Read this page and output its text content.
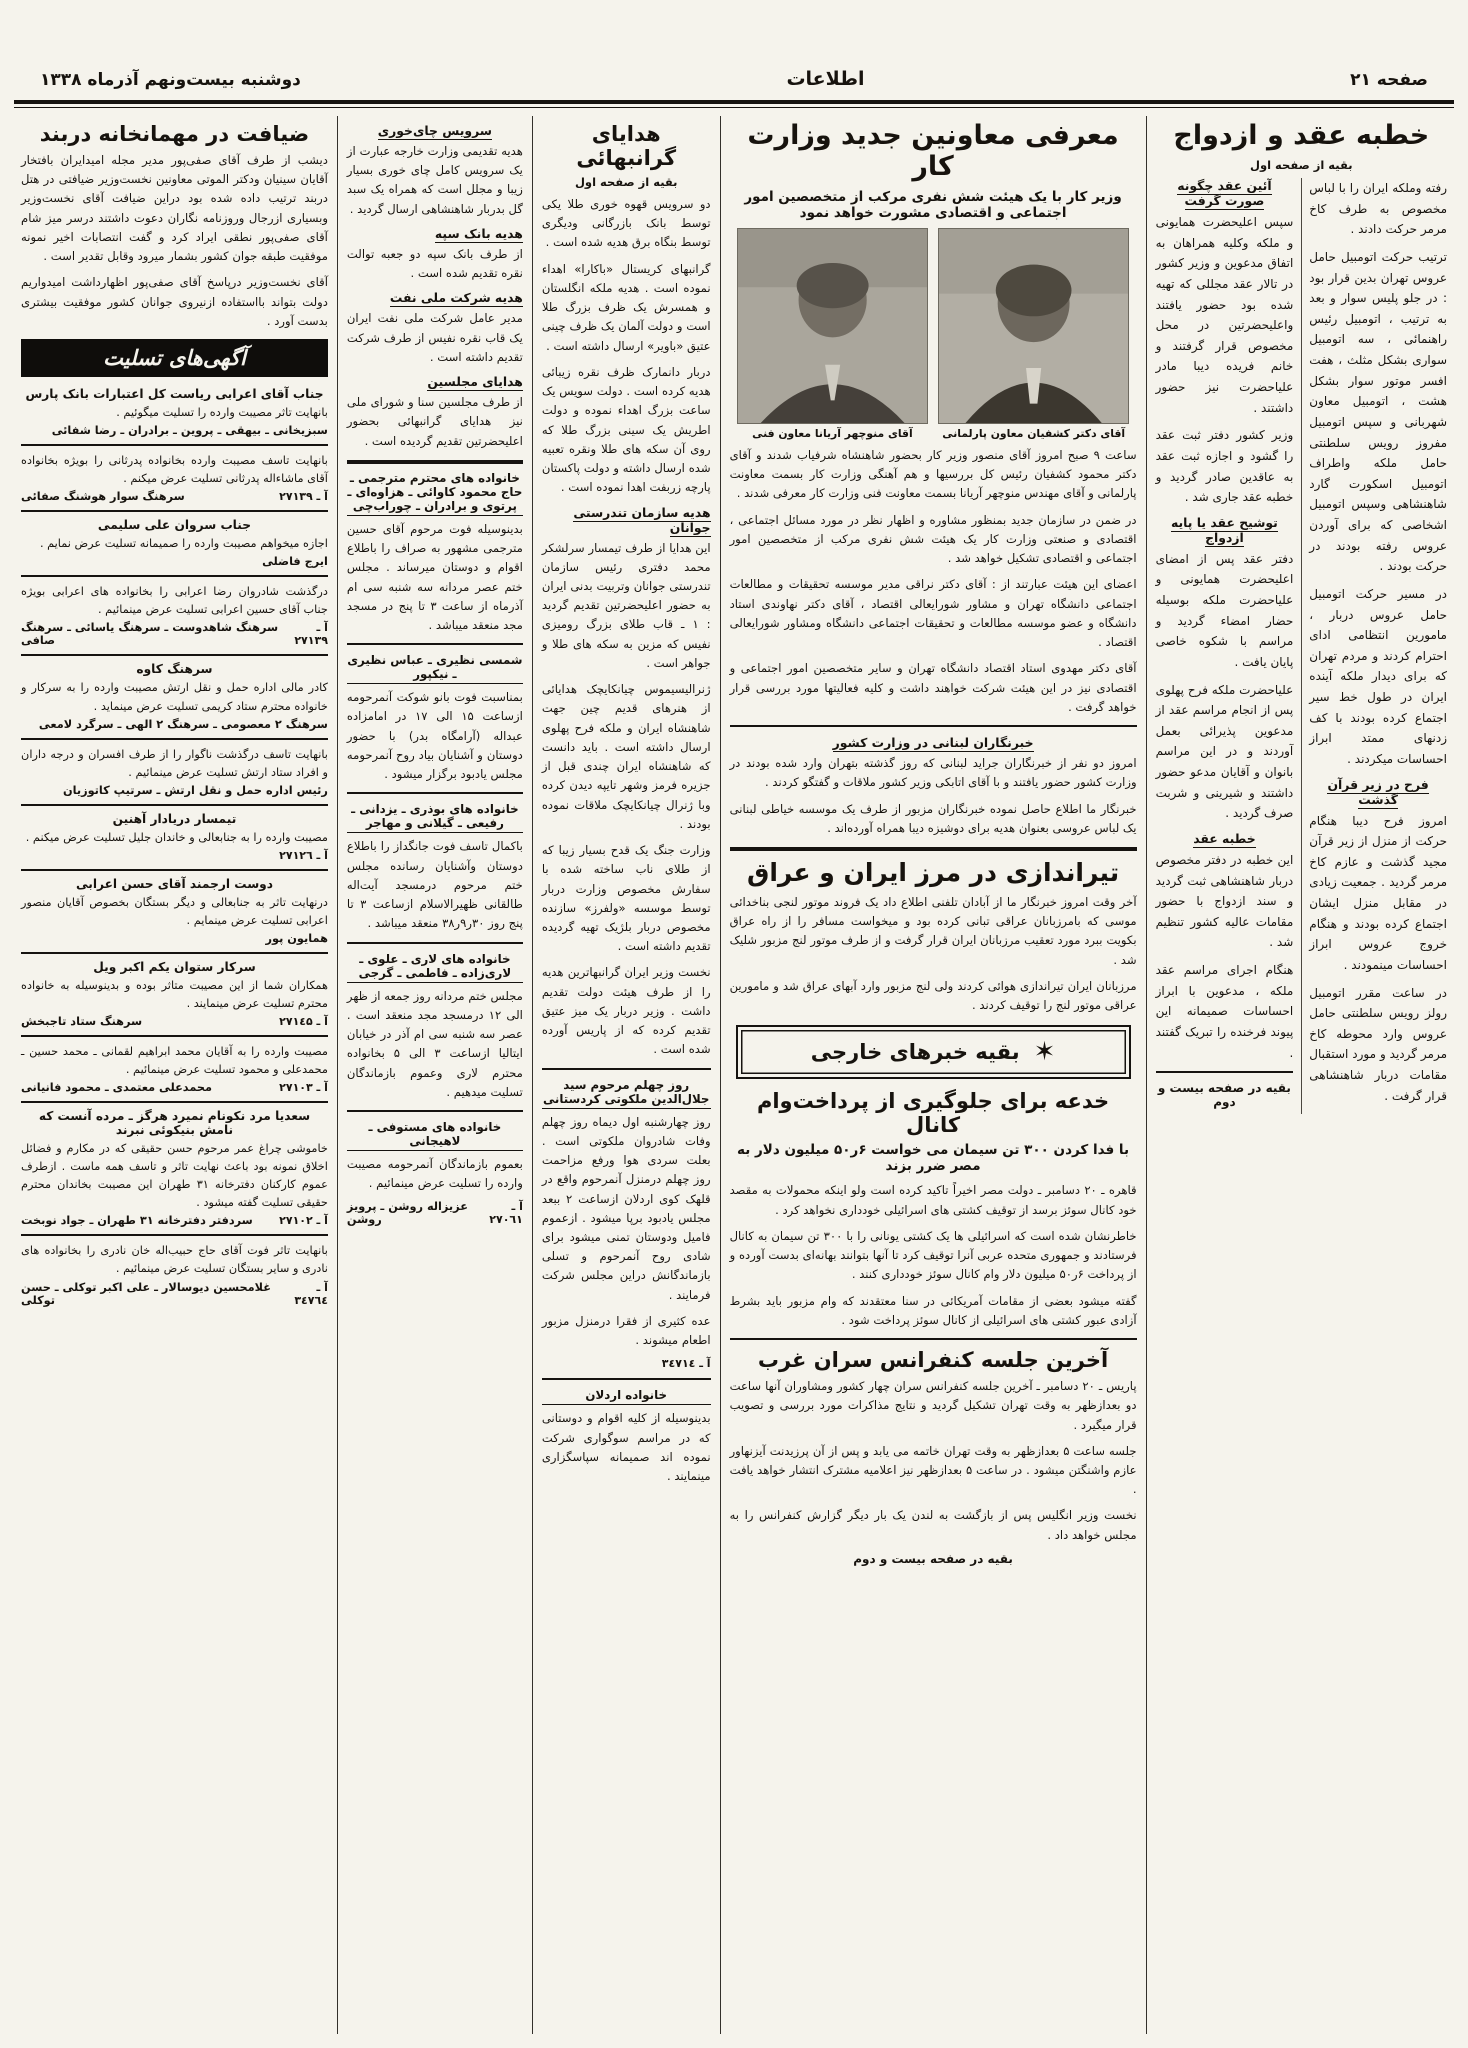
صفحه ۲۱
اطلاعات
دوشنبه بیست‌ونهم آذرماه ۱۳۳۸
خطبه عقد و ازدواج
بقیه از صفحه اول

رفته وملکه ایران را با لباس مخصوص به طرف کاخ مرمر حرکت دادند .

ترتیب حرکت اتومبیل حامل عروس تهران بدین قرار بود : در جلو پلیس سوار و بعد به ترتیب ، اتومبیل رئیس راهنمائی ، سه اتومبیل سواری بشکل مثلث ، هفت افسر موتور سوار بشکل هشت ، اتومبیل معاون شهربانی و سپس اتومبیل مفروز رویس سلطنتی حامل ملکه واطراف اتومبیل اسکورت گارد شاهنشاهی وسپس اتومبیل اشخاصی که برای آوردن عروس رفته بودند در حرکت بودند .

در مسیر حرکت اتومبیل حامل عروس دربار ، مامورین انتظامی ادای احترام کردند و مردم تهران که برای دیدار ملکه آینده ایران در طول خط سیر اجتماع کرده بودند با کف زدنهای ممتد ابراز احساسات میکردند .

فرح در زیر قرآن گذشت

امروز فرح دیبا هنگام حرکت از منزل از زیر قرآن مجید گذشت و عازم کاخ مرمر گردید . جمعیت زیادی در مقابل منزل ایشان اجتماع کرده بودند و هنگام خروج عروس ابراز احساسات مینمودند .

در ساعت مقرر اتومبیل رولز رویس سلطنتی حامل عروس وارد محوطه کاخ مرمر گردید و مورد استقبال مقامات دربار شاهنشاهی قرار گرفت .

آئین عقد چگونه صورت گرفت

سپس اعلیحضرت همایونی و ملکه وکلیه همراهان به اتفاق مدعوین و وزیر کشور در تالار عقد مجللی که تهیه شده بود حضور یافتند واعلیحضرتین در محل مخصوص قرار گرفتند و خانم فریده دیبا مادر علیاحضرت نیز حضور داشتند .

وزیر کشور دفتر ثبت عقد را گشود و اجازه ثبت عقد به عاقدین صادر گردید و خطبه عقد جاری شد .

توشیح عقد یا پایه ازدواج

دفتر عقد پس از امضای اعلیحضرت همایونی و علیاحضرت ملکه بوسیله حضار امضاء گردید و مراسم با شکوه خاصی پایان یافت .

علیاحضرت ملکه فرح پهلوی پس از انجام مراسم عقد از مدعوین پذیرائی بعمل آوردند و در این مراسم بانوان و آقایان مدعو حضور داشتند و شیرینی و شربت صرف گردید .

خطبه عقد

این خطبه در دفتر مخصوص دربار شاهنشاهی ثبت گردید و سند ازدواج با حضور مقامات عالیه کشور تنظیم شد .

هنگام اجرای مراسم عقد ملکه ، مدعوین با ابراز احساسات صمیمانه این پیوند فرخنده را تبریک گفتند .

بقیه در صفحه بیست و دوم
معرفی معاونین جدید وزارت کار
وزیر کار با یک هیئت شش نفری مرکب از متخصصین امور اجتماعی و اقتصادی مشورت خواهد نمود
آقای دکتر کشفیان معاون پارلمانی
آقای منوچهر آریانا معاون فنی

ساعت ۹ صبح امروز آقای منصور وزیر کار بحضور شاهنشاه شرفیاب شدند و آقای دکتر محمود کشفیان رئیس کل بررسیها و هم آهنگی وزارت کار بسمت معاونت پارلمانی و آقای مهندس منوچهر آریانا بسمت معاونت فنی وزارت کار معرفی شدند .

در ضمن در سازمان جدید بمنظور مشاوره و اظهار نظر در مورد مسائل اجتماعی ، اقتصادی و صنعتی وزارت کار یک هیئت شش نفری مرکب از متخصصین امور اجتماعی و اقتصادی تشکیل خواهد شد .

اعضای این هیئت عبارتند از : آقای دکتر نراقی مدیر موسسه تحقیقات و مطالعات اجتماعی دانشگاه تهران و مشاور شورایعالی اقتصاد ، آقای دکتر نهاوندی استاد دانشگاه و عضو موسسه مطالعات و تحقیقات اجتماعی دانشگاه ومشاور شورایعالی اقتصاد .

آقای دکتر مهدوی استاد اقتصاد دانشگاه تهران و سایر متخصصین امور اجتماعی و اقتصادی نیز در این هیئت شرکت خواهند داشت و کلیه فعالیتها مورد بررسی قرار خواهد گرفت .

خبرنگاران لبنانی در وزارت کشور

امروز دو نفر از خبرنگاران جراید لبنانی که روز گذشته بتهران وارد شده بودند در وزارت کشور حضور یافتند و با آقای اتابکی وزیر کشور ملاقات و گفتگو کردند .

خبرنگار ما اطلاع حاصل نموده خبرنگاران مزبور از طرف یک موسسه خیاطی لبنانی یک لباس عروسی بعنوان هدیه برای دوشیزه دیبا همراه آورده‌اند .

تیراندازی در مرز ایران و عراق

آخر وقت امروز خبرنگار ما از آبادان تلفنی اطلاع داد یک فروند موتور لنجی بناخدائی موسی که بامرزبانان عراقی تبانی کرده بود و میخواست مسافر را از راه عراق بکویت ببرد مورد تعقیب مرزبانان ایران قرار گرفت و از طرف موتور لنج مزبور شلیک شد .

مرزبانان ایران تیراندازی هوائی کردند ولی لنج مزبور وارد آبهای عراق شد و مامورین عراقی موتور لنج را توقیف کردند .

✶
بقیه خبرهای خارجی
خدعه برای جلوگیری از پرداخت‌وام کانال
با فدا کردن ۳۰۰ تن سیمان می خواست ۶ر۵۰ میلیون دلار به مصر ضرر بزند

قاهره ـ ۲۰ دسامبر ـ دولت مصر اخیراً تاکید کرده است ولو اینکه محمولات به مقصد خود کانال سوئز برسد از توقیف کشتی های اسرائیلی خودداری نخواهد کرد .

خاطرنشان شده است که اسرائیلی ها یک کشتی یونانی را با ۳۰۰ تن سیمان به کانال فرستادند و جمهوری متحده عربی آنرا توقیف کرد تا آنها بتوانند بهانه‌ای بدست آورده و از پرداخت ۶ر۵۰ میلیون دلار وام کانال سوئز خودداری کنند .

گفته میشود بعضی از مقامات آمریکائی در سنا معتقدند که وام مزبور باید بشرط آزادی عبور کشتی های اسرائیلی از کانال سوئز پرداخت شود .

آخرین جلسه کنفرانس سران غرب

پاریس ـ ۲۰ دسامبر ـ آخرین جلسه کنفرانس سران چهار کشور ومشاوران آنها ساعت دو بعدازظهر به وقت تهران تشکیل گردید و نتایج مذاکرات مورد بررسی و تصویب قرار میگیرد .

جلسه ساعت ۵ بعدازظهر به وقت تهران خاتمه می یابد و پس از آن پرزیدنت آیزنهاور عازم واشنگتن میشود . در ساعت ۵ بعدازظهر نیز اعلامیه مشترک انتشار خواهد یافت .

نخست وزیر انگلیس پس از بازگشت به لندن یک بار دیگر گزارش کنفرانس را به مجلس خواهد داد .

بقیه در صفحه بیست و دوم
هدایای گرانبهائی
بقیه از صفحه اول

دو سرویس قهوه خوری طلا یکی توسط بانک بازرگانی ودیگری توسط بنگاه برق هدیه شده است .

گرانبهای کریستال «باکارا» اهداء نموده است . هدیه ملکه انگلستان و همسرش یک ظرف بزرگ طلا است و دولت آلمان یک ظرف چینی عتیق «باویر» ارسال داشته است .

دربار دانمارک ظرف نقره زیبائی هدیه کرده است . دولت سویس یک ساعت بزرگ اهداء نموده و دولت اطریش یک سینی بزرگ طلا که روی آن سکه های طلا ونقره تعبیه شده ارسال داشته و دولت پاکستان پارچه زربفت اهدا نموده است .

هدیه سازمان تندرستی جوانان

این هدایا از طرف تیمسار سرلشکر محمد دفتری رئیس سازمان تندرستی جوانان وتربیت بدنی ایران به حضور اعلیحضرتین تقدیم گردید : ۱ ـ قاب طلای بزرگ رومیزی نفیس که مزین به سکه های طلا و جواهر است .

ژنرالیسیموس چیانکایچک هدایائی از هنرهای قدیم چین جهت شاهنشاه ایران و ملکه فرح پهلوی ارسال داشته است . باید دانست که شاهنشاه ایران چندی قبل از جزیره فرمز وشهر تایپه دیدن کرده وبا ژنرال چیانکایچک ملاقات نموده بودند .

وزارت جنگ یک قدح بسیار زیبا که از طلای ناب ساخته شده با سفارش مخصوص وزارت دربار توسط موسسه «ولفرز» سازنده مخصوص دربار بلژیک تهیه گردیده تقدیم داشته است .

نخست وزیر ایران گرانبهاترین هدیه را از طرف هیئت دولت تقدیم داشت . وزیر دربار یک میز عتیق تقدیم کرده که از پاریس آورده شده است .

روز چهلم مرحوم سید جلال‌الدین ملکوتی کردستانی

روز چهارشنبه اول دیماه روز چهلم وفات شادروان ملکوتی است . بعلت سردی هوا ورفع مزاحمت روز چهلم درمنزل آنمرحوم واقع در قلهک کوی اردلان ازساعت ۲ ببعد مجلس یادبود برپا میشود . ازعموم فامیل ودوستان تمنی میشود برای شادی روح آنمرحوم و تسلی بازماندگانش دراین مجلس شرکت فرمایند .

عده کثیری از فقرا درمنزل مزبور اطعام میشوند .

آ ـ ۳٤۷۱٤
خانواده اردلان

بدینوسیله از کلیه اقوام و دوستانی که در مراسم سوگواری شرکت نموده اند صمیمانه سپاسگزاری مینمایند .

سرویس چای‌خوری

هدیه تقدیمی وزارت خارجه عبارت از یک سرویس کامل چای خوری بسیار زیبا و مجلل است که همراه یک سبد گل بدربار شاهنشاهی ارسال گردید .

هدیه بانک سپه

از طرف بانک سپه دو جعبه توالت نقره تقدیم شده است .

هدیه شرکت ملی نفت

مدیر عامل شرکت ملی نفت ایران یک قاب نقره نفیس از طرف شرکت تقدیم داشته است .

هدایای مجلسین

از طرف مجلسین سنا و شورای ملی نیز هدایای گرانبهائی بحضور اعلیحضرتین تقدیم گردیده است .

خانواده های محترم مترجمی ـ حاج محمود کاوائی ـ هزاوه‌ای ـ پرتوی و برادران ـ چوراب‌چی

بدینوسیله فوت مرحوم آقای حسین مترجمی مشهور به صراف را باطلاع اقوام و دوستان میرساند . مجلس ختم عصر مردانه سه شنبه سی ام آذرماه از ساعت ۳ تا پنج در مسجد مجد منعقد میباشد .

شمسی نظیری ـ عباس نظیری ـ نیکپور

بمناسبت فوت بانو شوکت آنمرحومه ازساعت ۱۵ الی ۱۷ در امامزاده عبداله (آرامگاه بدر) با حضور دوستان و آشنایان بیاد روح آنمرحومه مجلس یادبود برگزار میشود .

خانواده های بوذری ـ یزدانی ـ رفیعی ـ گیلانی و مهاجر

باکمال تاسف فوت جانگداز را باطلاع دوستان وآشنایان رسانده مجلس ختم مرحوم درمسجد آیت‌اله طالقانی ظهیرالاسلام ازساعت ۳ تا پنج روز ۳۰ر۹ر۳۸ منعقد میباشد .

خانواده های لاری ـ علوی ـ لاری‌زاده ـ فاطمی ـ گرجی

مجلس ختم مردانه روز جمعه از ظهر الی ۱۲ درمسجد مجد منعقد است . عصر سه شنبه سی ام آذر در خیابان ایتالیا ازساعت ۳ الی ۵ بخانواده محترم لاری وعموم بازماندگان تسلیت میدهیم .

خانواده های مستوفی ـ لاهیجانی

بعموم بازماندگان آنمرحومه مصیبت وارده را تسلیت عرض مینمائیم .

آ ـ ۲۷۰٦۱
عزیزاله روشن ـ پرویز روشن
ضیافت در مهمانخانه دربند

دیشب از طرف آقای صفی‌پور مدیر مجله امیدایران بافتخار آقایان سینیان ودکتر الموتی معاونین نخست‌وزیر ضیافتی در هتل دربند ترتیب داده شده بود دراین ضیافت آقای نخست‌وزیر وبسیاری ازرجال وروزنامه نگاران دعوت داشتند درسر میز شام آقای صفی‌پور نطقی ایراد کرد و گفت انتصابات اخیر نمونه موفقیت طبقه جوان کشور بشمار میرود وقابل تقدیر است .

آقای نخست‌وزیر درپاسخ آقای صفی‌پور اظهارداشت امیدواریم دولت بتواند بااستفاده ازنیروی جوانان کشور موفقیت بیشتری بدست آورد .

آگهی‌های تسلیت
جناب آقای اعرابی ریاست کل اعتبارات بانک پارس
بانهایت تاثر مصیبت وارده را تسلیت میگوئیم .
سبزیخانی ـ بیهقی ـ پروین ـ برادران ـ رضا شفائی
بانهایت تاسف مصیبت وارده بخانواده پدرثانی را بویژه بخانواده آقای ماشاءاله پدرثانی تسلیت عرض میکنم .
آ ـ ۲۷۱۳۹
سرهنگ سوار هوشنگ صفائی
جناب سروان علی سلیمی
اجازه میخواهم مصیبت وارده را صمیمانه تسلیت عرض نمایم .
ایرج فاضلی
درگذشت شادروان رضا اعرابی را بخانواده های اعرابی بویژه جناب آقای حسین اعرابی تسلیت عرض مینمائیم .
آ ـ ۲۷۱۳۹
سرهنگ شاهدوست ـ سرهنگ یاسائی ـ سرهنگ صافی
سرهنگ کاوه
کادر مالی اداره حمل و نقل ارتش مصیبت وارده را به سرکار و خانواده محترم ستاد کریمی تسلیت عرض مینماید .
سرهنگ ۲ معصومی ـ سرهنگ ۲ الهی ـ سرگرد لامعی
بانهایت تاسف درگذشت ناگوار را از طرف افسران و درجه داران و افراد ستاد ارتش تسلیت عرض مینمائیم .
رئیس اداره حمل و نقل ارتش ـ سرتیپ کاتوزیان
تیمسار دریادار آهنین
مصیبت وارده را به جنابعالی و خاندان جلیل تسلیت عرض میکنم .
آ ـ ۲۷۱۲٦
دوست ارجمند آقای حسن اعرابی
درنهایت تاثر به جنابعالی و دیگر بستگان بخصوص آقایان منصور اعرابی تسلیت عرض مینمایم .
همایون پور
سرکار ستوان یکم اکبر ویل
همکاران شما از این مصیبت متاثر بوده و بدینوسیله به خانواده محترم تسلیت عرض مینمایند .
آ ـ ۲۷۱٤۵
سرهنگ ستاد تاجبخش
مصیبت وارده را به آقایان محمد ابراهیم لقمانی ـ محمد حسین ـ محمدعلی و محمود تسلیت عرض مینمائیم .
آ ـ ۲۷۱۰۳
محمدعلی معتمدی ـ محمود فانیانی
سعدیا مرد نکونام نمیرد هرگز ـ مرده آنست که نامش بنیکوئی نبرند
خاموشی چراغ عمر مرحوم حسن حقیقی که در مکارم و فضائل اخلاق نمونه بود باعث نهایت تاثر و تاسف همه ماست . ازطرف عموم کارکنان دفترخانه ۳۱ طهران این مصیبت بخاندان محترم حقیقی تسلیت گفته میشود .
آ ـ ۲۷۱۰۲
سردفتر دفترخانه ۳۱ طهران ـ جواد نوبخت
بانهایت تاثر فوت آقای حاج حبیب‌اله خان نادری را بخانواده های نادری و سایر بستگان تسلیت عرض مینمائیم .
آ ـ ۳٤۷٦٤
غلامحسین دیوسالار ـ علی اکبر توکلی ـ حسن توکلی
